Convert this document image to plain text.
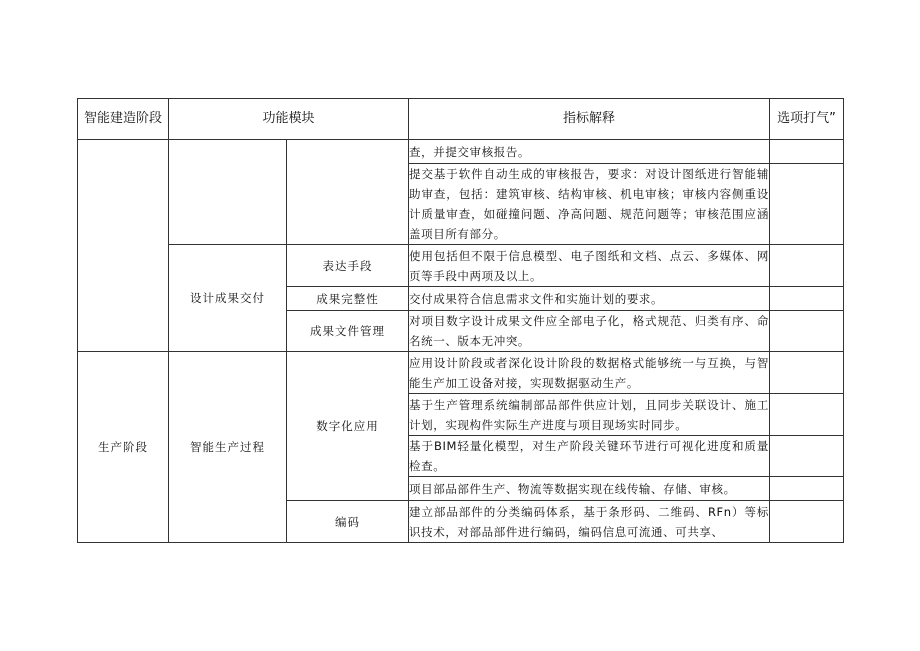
智能建造阶段	功能模块		指标解释	选项打气”
			查，并提交审核报告。	
			提交基于软件自动生成的审核报告，要求：对设计图纸进行智能辅助审查，包括：建筑审核、结构审核、机电审核；审核内容侧重设计质量审查，如碰撞问题、净高问题、规范问题等；审核范围应涵盖项目所有部分。	
	设计成果交付	表达手段	使用包括但不限于信息模型、电子图纸和文档、点云、多媒体、网页等手段中两项及以上。	
		成果完整性	交付成果符合信息需求文件和实施计划的要求。	
		成果文件管理	对项目数字设计成果文件应全部电子化，格式规范、归类有序、命名统一、版本无冲突。	
生产阶段	智能生产过程	数字化应用	应用设计阶段或者深化设计阶段的数据格式能够统一与互换，与智能生产加工设备对接，实现数据驱动生产。	
			基于生产管理系统编制部品部件供应计划，且同步关联设计、施工计划，实现构件实际生产进度与项目现场实时同步。	
			基于BIM轻量化模型，对生产阶段关键环节进行可视化进度和质量检查。	
			项目部品部件生产、物流等数据实现在线传输、存储、审核。	
		编码	建立部品部件的分类编码体系，基于条形码、二维码、RFn）等标识技术，对部品部件进行编码，编码信息可流通、可共享、	
